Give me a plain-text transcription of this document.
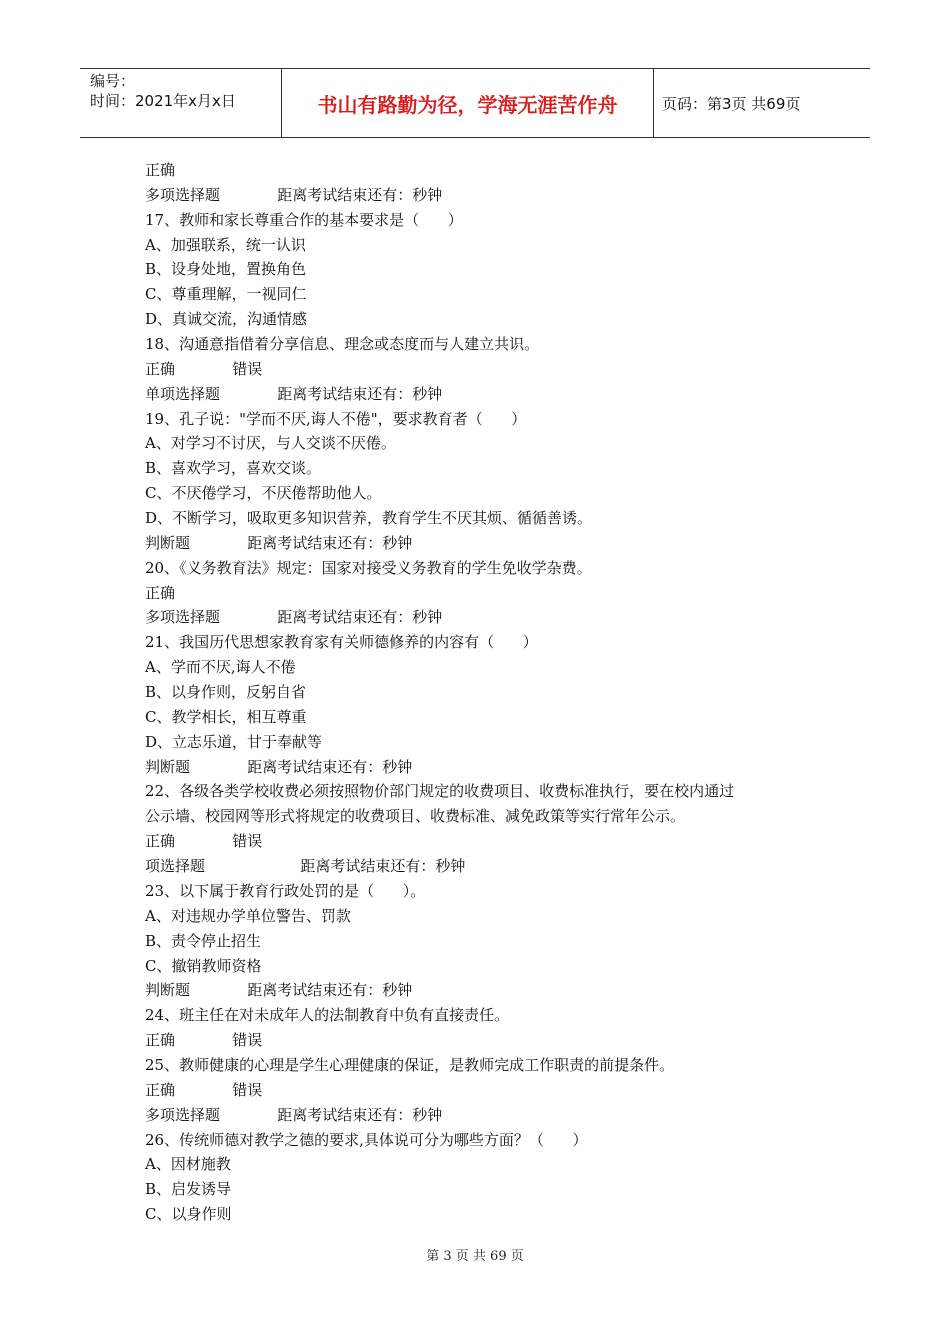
编号：
时间：2021年x月x日	书山有路勤为径，学海无涯苦作舟	页码：第3页 共69页
正确
多项选择题            距离考试结束还有：秒钟
17、教师和家长尊重合作的基本要求是（      ）
A、加强联系，统一认识
B、设身处地，置换角色
C、尊重理解，一视同仁
D、真诚交流，沟通情感
18、沟通意指借着分享信息、理念或态度而与人建立共识。
正确            错误
单项选择题            距离考试结束还有：秒钟
19、孔子说："学而不厌,诲人不倦"，要求教育者（      ）
A、对学习不讨厌，与人交谈不厌倦。
B、喜欢学习，喜欢交谈。
C、不厌倦学习，不厌倦帮助他人。
D、不断学习，吸取更多知识营养，教育学生不厌其烦、循循善诱。
判断题            距离考试结束还有：秒钟
20、《义务教育法》规定：国家对接受义务教育的学生免收学杂费。
正确
多项选择题            距离考试结束还有：秒钟
21、我国历代思想家教育家有关师德修养的内容有（      ）
A、学而不厌,诲人不倦
B、以身作则，反躬自省
C、教学相长，相互尊重
D、立志乐道，甘于奉献等
判断题            距离考试结束还有：秒钟
22、各级各类学校收费必须按照物价部门规定的收费项目、收费标准执行，要在校内通过
公示墙、校园网等形式将规定的收费项目、收费标准、减免政策等实行常年公示。
正确            错误
项选择题                    距离考试结束还有：秒钟
23、以下属于教育行政处罚的是（      ）。
A、对违规办学单位警告、罚款
B、责令停止招生
C、撤销教师资格
判断题            距离考试结束还有：秒钟
24、班主任在对未成年人的法制教育中负有直接责任。
正确            错误
25、教师健康的心理是学生心理健康的保证，是教师完成工作职责的前提条件。
正确            错误
多项选择题            距离考试结束还有：秒钟
26、传统师德对教学之德的要求,具体说可分为哪些方面？（      ）
A、因材施教
B、启发诱导
C、以身作则
第 3 页 共 69 页
